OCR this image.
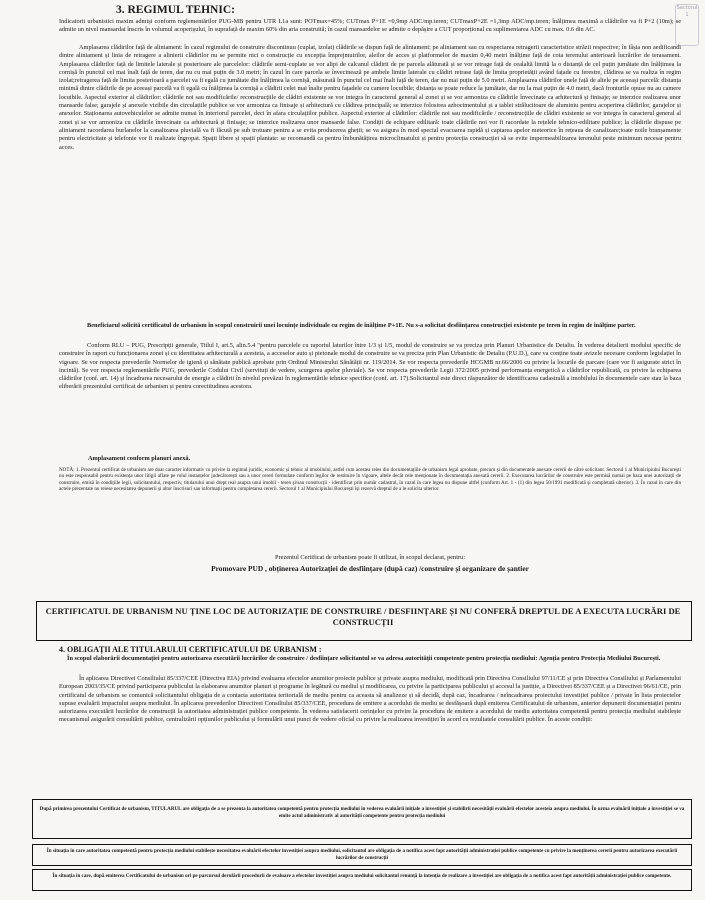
Sectorul 1

3. REGIMUL TEHNIC:

Indicatorii urbanistici maxim admiși conform reglementărilor PUG-MB pentru UTR L1a sunt: POTmax=45%; CUTmax P+1E =0,9mp ADC/mp.teren; CUTmaxP+2E =1,3mp ADC/mp.teren; înălțimea maximă a clădirilor va fi P+2 (10m); se admite un nivel mansardat înscris în volumul acoperișului, în suprafață de maxim 60% din aria construită; în cazul mansardelor se admite o depășire a CUT proporțional cu suplimentarea ADC cu max. 0.6 din AC.

Amplasarea clădirilor față de aliniament: în cazul regimului de construire discontinuu (cuplat, izolat) clădirile se dispun față de aliniament: pe aliniament sau cu respectarea retragerii caracteristice străzii respective; în fâșia non aedificandi dintre aliniament și linia de retragere a alinierii clădirilor nu se permite nici o construcție cu excepția împrejmuirilor, aleilor de acces și platformelor de maxim 0,40 metri înălțime față de cota terenului anterioară lucrărilor de terasament. Amplasarea clădirilor față de limitele laterale și posterioare ale parcelelor: clădirile semi-cuplate se vor alipi de calcanul clădirii de pe parcela alăturată și se vor retrage față de cealaltă limită la o distanță de cel puțin jumătate din înălțimea la cornișă în punctul cel mai înalt față de teren, dar nu cu mai puțin de 3.0 metri; în cazul în care parcela se învecinează pe ambele limite laterale cu clădiri retrase față de limita proprietății având fațade cu ferestre, clădirea se va realiza în regim izolat;retragerea față de limita posterioară a parcelei va fi egală cu jumătate din înălțimea la cornișă, măsurată în punctul cel mai înalt față de teren, dar nu mai puțin de 5.0 metri. Amplasarea clădirilor unele față de altele pe aceeași parcelă: distanța minimă dintre clădirile de pe aceeași parcelă va fi egală cu înălțimea la cornișă a clădirii celei mai înalte pentru fațadele cu camere locuibile; distanța se poate reduce la jumătate, dar nu la mai puțin de 4.0 metri, dacă fronturile opuse nu au camere locuibile. Aspectul exterior al clădirilor: clădirile noi sau modificările/ reconstrucțiile de clădiri existente se vor integra în caracterul general al zonei și se vor armoniza cu clădirile învecinate ca arhitectură și finisaje; se interzice realizarea unor mansarde false; garajele și anexele vizibile din circulațiile publice se vor armoniza ca finisaje și arhitectură cu clădirea principală; se interzice folosirea azbocimentului și a tablei strălucitoare de aluminiu pentru acoperirea clădirilor, garajelor și anexelor. Staționarea autovehiculelor se admite numai în interiorul parcelei, deci în afara circulațiilor publice. Aspectul exterior al clădirilor: clădirile noi sau modificările / reconstrucțiile de clădiri existente se vor integra în caracterul general al zonei și se vor armoniza cu clădirile învecinate ca arhitectură și finisaje; se interzice realizarea unor mansarde false. Condiții de echipare edilitară: toate clădirile noi vor fi racordate la rețelele tehnico-edilitare publice; la clădirile dispuse pe aliniament racordarea burlanelor la canalizarea pluvială va fi făcută pe sub trotuare pentru a se evita producerea gheții; se va asigura în mod special evacuarea rapidă și captarea apelor meteorice în rețeaua de canalizare;toate noile branșamente pentru electricitate și telefonie vor fi realizate îngropat. Spații libere și spații plantate: se recomandă ca pentru îmbunătățirea microclimatului și pentru protecția construcției să se evite impermeabilizarea terenului peste minimum necesar pentru acces.

Beneficiarul solicită certificatul de urbanism în scopul construirii unei locuințe individuale cu regim de înălțime P+1E. Nu s-a solicitat desființarea construcției existente pe teren în regim de înălțime parter.

Conform RLU – PUG, Prescripții generale, Titlul I, art.5, alin.5.4 "pentru parcelele cu raportul laturilor între 1/3 și 1/5, modul de construire se va preciza prin Planuri Urbanistice de Detaliu. În vederea detalierii modului specific de construire în raport cu funcționarea zonei și cu identitatea arhitecturală a acesteia, a acceselor auto și pietonale modul de construire se va preciza prin Plan Urbanistic de Detaliu (P.U.D.), care va conține toate avizele necesare conform legislației în vigoare. Se vor respecta prevederile Normelor de igienă și sănătate publică aprobate prin Ordinul Ministrului Sănătății nr. 119/2014. Se vor respecta prevederile HCGMB nr.66/2006 cu privire la locurile de parcare (care vor fi asigurate strict în incintă). Se vor respecta reglementările PUG, prevederile Codului Civil (servituți de vedere, scurgerea apelor pluviale). Se vor respecta prevederile Legii 372/2005 privind performanța energetică a clădirilor republicată, cu privire la echiparea clădirilor (conf. art. 14) și încadrarea necesarului de energie a clădirii în nivelul prevăzut în reglementările tehnice specifice (conf. art. 17).Solicitantul este direct răspunzător de identificarea cadastrală a imobilului în documentele care stau la baza eliberării prezentului certificat de urbanism și pentru corectitudinea acestora.

Amplasament conform planuri anexă.

NOTĂ: 1. Prezentul certificat de urbanism are doar caracter informativ cu privire la regimul juridic, economic și tehnic al imobilului, astfel cum acestea reies din documentațiile de urbanism legal aprobate, precum și din documentele anexate cererii de către solicitant. Sectorul 1 al Municipiului București nu este responsabil pentru existența unor litigii aflate pe rolul instanțelor judecătorești sau a unor cereri formulate conform legilor de restituire în vigoare, altele decât cele menționate în documentația anexată cererii. 2. Executarea lucrărilor de construire este permisă numai pe baza unei autorizații de construire, emisă în condițiile legii, solicitantului, respectiv, titularului unui drept real asupra unui imobil - teren și/sau construcții - identificat prin număr cadastral, în cazul în care legea nu dispune altfel (conform Art. 1 - (1) din legea 50/1991 modificată și completată ulterior). 3. În cazul în care din actele prezentate nu reiese necesitatea depunerii și altor înscrisuri sau informații pentru completarea cererii. Sectorul 1 al Municipiului București își rezervă dreptul de a le solicita ulterior.

Prezentul Certificat de urbanism poate fi utilizat, în scopul declarat, pentru:

Promovare PUD , obținerea Autorizației de desființare (după caz) /construire și organizare de șantier

CERTIFICATUL DE URBANISM NU ȚINE LOC DE AUTORIZAȚIE DE CONSTRUIRE / DESFIINȚARE ȘI NU CONFERĂ DREPTUL DE A EXECUTA LUCRĂRI DE CONSTRUCȚII

4. OBLIGAȚII ALE TITULARULUI CERTIFICATULUI DE URBANISM :

În scopul elaborării documentației pentru autorizarea executării lucrărilor de construire / desființare solicitantul se va adresa autorității competente pentru protecția mediului: Agenția pentru Protecția Mediului București.

În aplicarea Directivei Consiliului 85/337/CEE (Directiva EIA) privind evaluarea efectelor anumitor proiecte publice și private asupra mediului, modificată prin Directiva Consiliului 97/11/CE și prin Directiva Consiliului și Parlamentului European 2003/35/CE privind participarea publicului la elaborarea anumitor planuri și programe în legătură cu mediul și modificarea, cu privire la participarea publicului și accesul la justiție, a Directivei 85/337/CEE și a Directivei 96/61/CE, prin certificatul de urbanism se comunică solicitantului obligația de a contacta autoritatea teritorială de mediu pentru ca aceasta să analizeze și să decidă, după caz, încadrarea / neîncadrarea proiectului investiției publice / private în lista proiectelor supuse evaluării impactului asupra mediului. În aplicarea prevederilor Directivei Consiliului 85/337/CEE, procedura de emitere a acordului de mediu se desfășoară după emiterea Certificatului de urbanism, anterior depunerii documentației pentru autorizarea executării lucrărilor de construcții la autoritatea administrației publice competente. În vederea satisfacerii cerințelor cu privire la procedura de emitere a acordului de mediu autoritatea competentă pentru protecția mediului stabilește mecanismul asigurării consultării publice, centralizării opțiunilor publicului și formulării unui punct de vedere oficial cu privire la realizarea investiției în acord cu rezultatele consultării publice. În aceste condiții:

După primirea prezentului Certificat de urbanism, TITULARUL are obligația de a se prezenta la autoritatea competentă pentru protecția mediului în vederea evaluării inițiale a investiției și stabilirii necesității evaluării efectelor acesteia asupra mediului. În urma evaluării inițiale a investiției se va emite actul administrativ al autorității competente pentru protecția mediului

În situația în care autoritatea competentă pentru protecția mediului stabilește necesitatea evaluării efectelor investiției asupra mediului, solicitantul are obligația de a notifica acest fapt autorității administrației publice competente cu privire la menținerea cererii pentru autorizarea executării lucrărilor de construcții

În situația în care, după emiterea Certificatului de urbanism ori pe parcursul derulării procedurii de evaluare a efectelor investiției asupra mediului solicitantul renunță la intenția de realizare a investiției are obligația de a notifica acest fapt autorității administrației publice competente.
